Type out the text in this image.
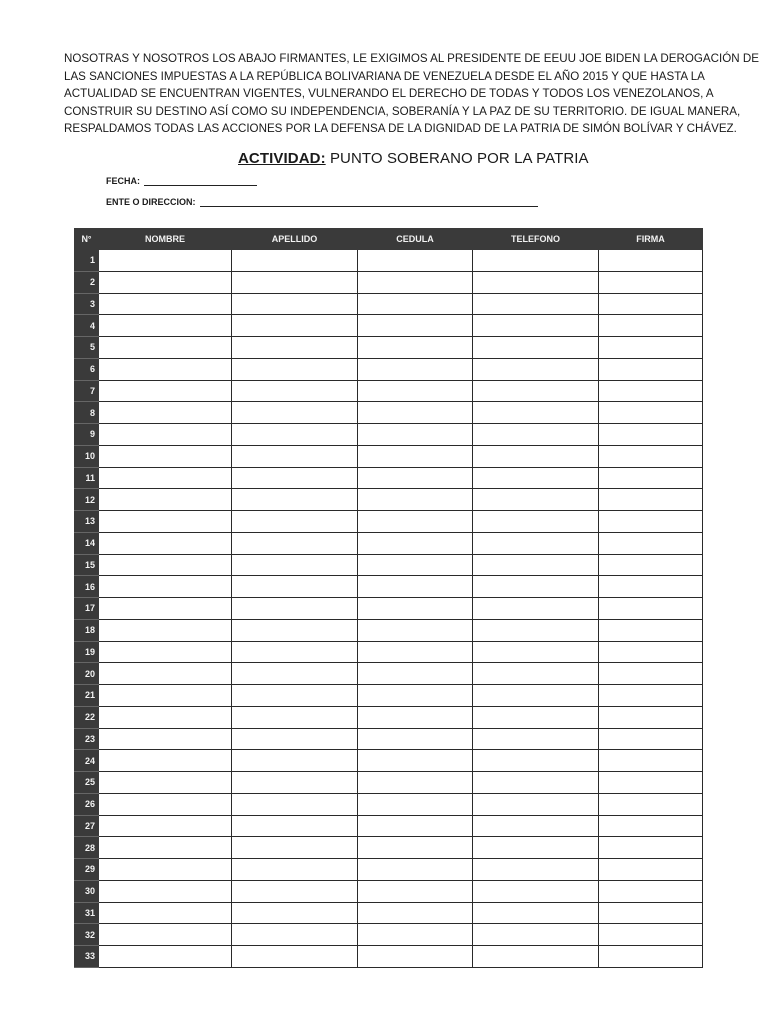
NOSOTRAS Y NOSOTROS LOS ABAJO FIRMANTES, LE EXIGIMOS AL PRESIDENTE DE EEUU JOE BIDEN LA DEROGACIÓN DE
LAS SANCIONES IMPUESTAS A LA REPÚBLICA BOLIVARIANA DE VENEZUELA DESDE EL AÑO 2015 Y QUE HASTA LA
ACTUALIDAD SE ENCUENTRAN VIGENTES, VULNERANDO EL DERECHO DE TODAS Y TODOS LOS VENEZOLANOS, A
CONSTRUIR SU DESTINO ASÍ COMO SU INDEPENDENCIA, SOBERANÍA Y LA PAZ DE SU TERRITORIO. DE IGUAL MANERA,
RESPALDAMOS TODAS LAS ACCIONES POR LA DEFENSA DE LA DIGNIDAD DE LA PATRIA DE SIMÓN BOLÍVAR Y CHÁVEZ.
ACTIVIDAD: PUNTO SOBERANO POR LA PATRIA
FECHA:
ENTE O DIRECCION:
N°	NOMBRE	APELLIDO	CEDULA	TELEFONO	FIRMA
1					
2					
3					
4					
5					
6					
7					
8					
9					
10					
11					
12					
13					
14					
15					
16					
17					
18					
19					
20					
21					
22					
23					
24					
25					
26					
27					
28					
29					
30					
31					
32					
33					
